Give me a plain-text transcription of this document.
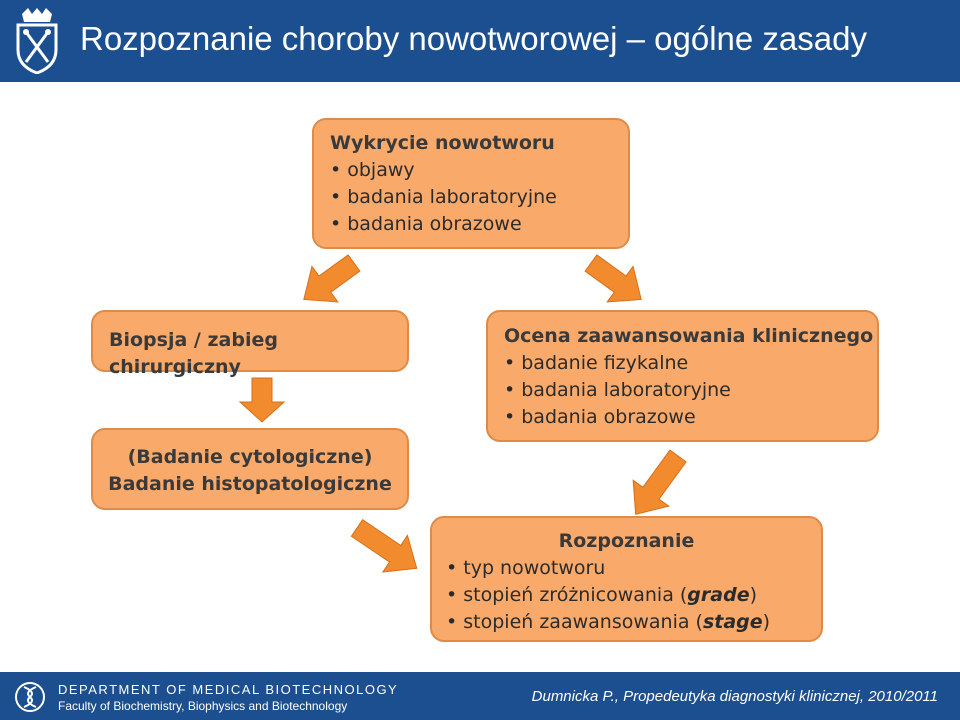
Rozpoznanie choroby nowotworowej – ogólne zasady
Wykrycie nowotworu
• objawy
• badania laboratoryjne
• badania obrazowe
Biopsja / zabieg chirurgiczny
Ocena zaawansowania klinicznego
• badanie fizykalne
• badania laboratoryjne
• badania obrazowe
(Badanie cytologiczne)
Badanie histopatologiczne
Rozpoznanie
• typ nowotworu
• stopień zróżnicowania (grade)
• stopień zaawansowania (stage)
DEPARTMENT OF MEDICAL BIOTECHNOLOGY
Faculty of Biochemistry, Biophysics and Biotechnology
Dumnicka P., Propedeutyka diagnostyki klinicznej, 2010/2011
